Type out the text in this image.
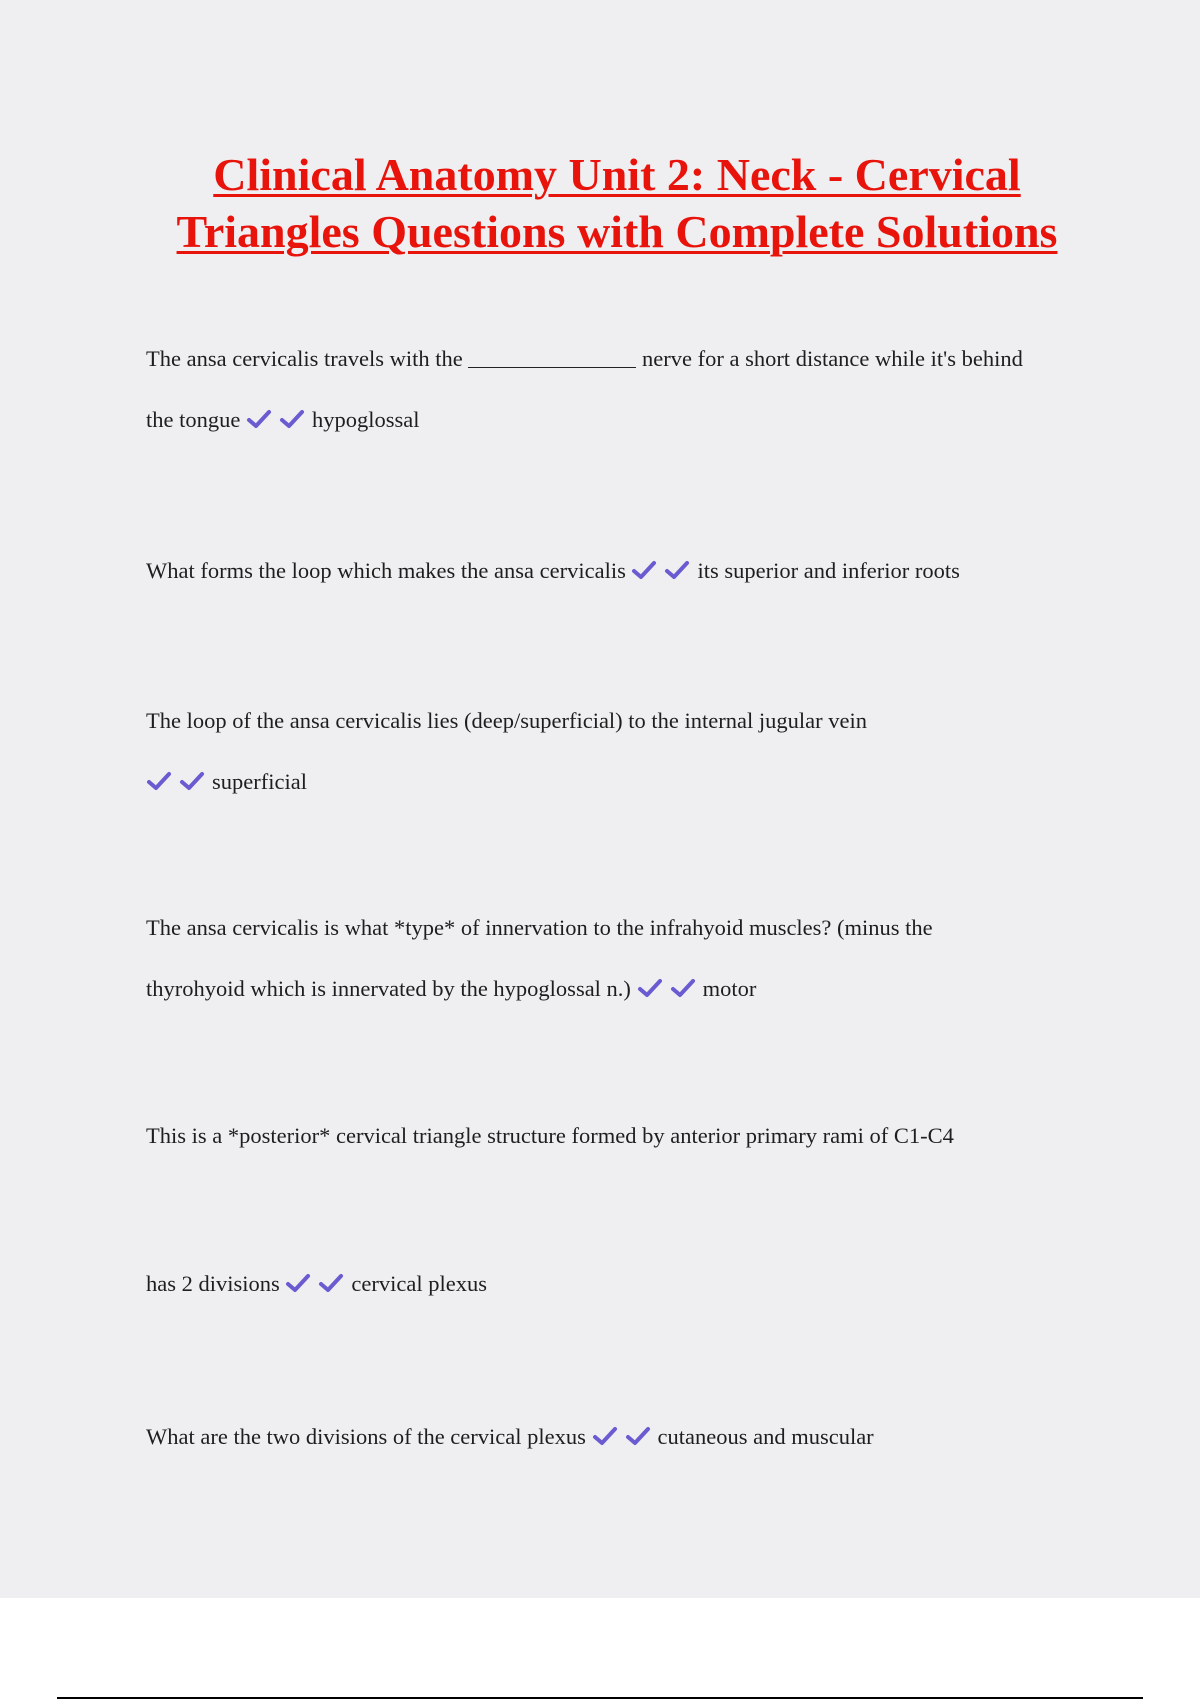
Clinical Anatomy Unit 2: Neck - Cervical Triangles Questions with Complete Solutions
The ansa cervicalis travels with the	nerve for a short distance while it's behind
the tongue	hypoglossal
What forms the loop which makes the ansa cervicalis	its superior and inferior roots
The loop of the ansa cervicalis lies (deep/superficial) to the internal jugular vein

superficial
The ansa cervicalis is what *type* of innervation to the infrahyoid muscles? (minus the
thyrohyoid which is innervated by the hypoglossal n.)	motor
This is a *posterior* cervical triangle structure formed by anterior primary rami of C1-C4
has 2 divisions	cervical plexus
What are the two divisions of the cervical plexus	cutaneous and muscular
